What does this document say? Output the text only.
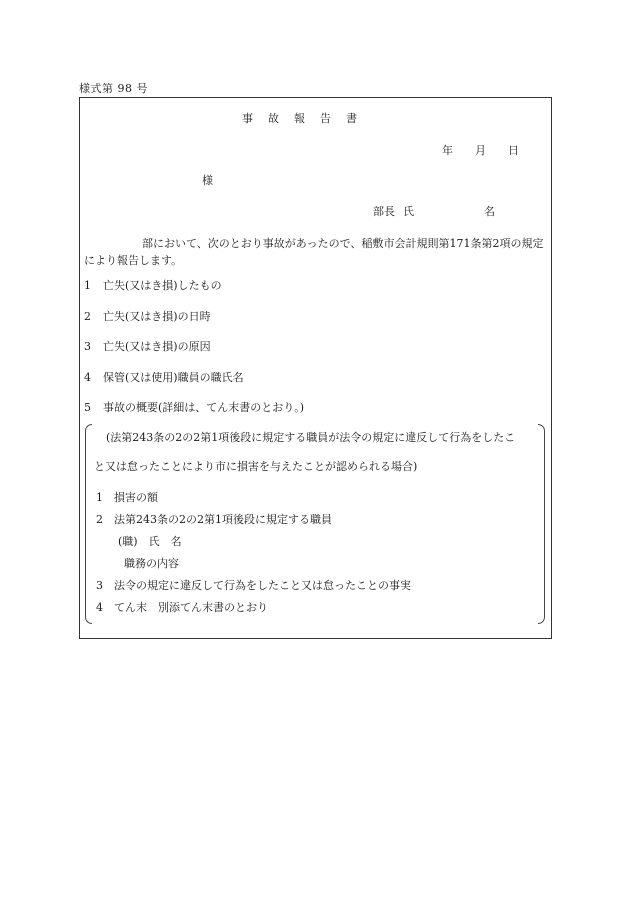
様式第 98 号
事故報告書
年 月 日
様
部長 氏	名
部において、次のとおり事故があったので、稲敷市会計規則第171条第2項の規定により報告します。
1 亡失(又はき損)したもの
2 亡失(又はき損)の日時
3 亡失(又はき損)の原因
4 保管(又は使用)職員の職氏名
5 事故の概要(詳細は、てん末書のとおり。)
(法第243条の2の2第1項後段に規定する職員が法令の規定に違反して行為をしたこ
と又は怠ったことにより市に損害を与えたことが認められる場合)
1 損害の額
2 法第243条の2の2第1項後段に規定する職員
(職)　氏　名
職務の内容
3 法令の規定に違反して行為をしたこと又は怠ったことの事実
4 てん末　別添てん末書のとおり
